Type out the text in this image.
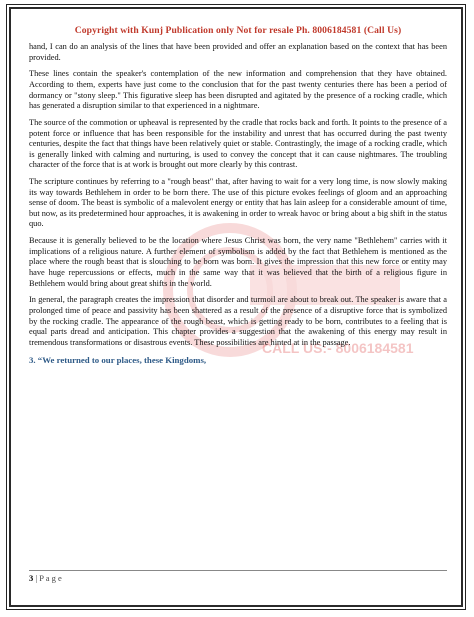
Copyright with Kunj Publication only Not for resale Ph. 8006184581 (Call Us)
CALL US:- 8006184581

hand, I can do an analysis of the lines that have been provided and offer an explanation based on the context that has been provided.

These lines contain the speaker's contemplation of the new information and comprehension that they have obtained. According to them, experts have just come to the conclusion that for the past twenty centuries there has been a period of dormancy or "stony sleep." This figurative sleep has been disrupted and agitated by the presence of a rocking cradle, which has generated a disruption similar to that experienced in a nightmare.

The source of the commotion or upheaval is represented by the cradle that rocks back and forth. It points to the presence of a potent force or influence that has been responsible for the instability and unrest that has occurred during the past twenty centuries, despite the fact that things have been relatively quiet or stable. Contrastingly, the image of a rocking cradle, which is generally linked with calming and nurturing, is used to convey the concept that it can cause nightmares. The troubling character of the force that is at work is brought out more clearly by this contrast.

The scripture continues by referring to a "rough beast" that, after having to wait for a very long time, is now slowly making its way towards Bethlehem in order to be born there. The use of this picture evokes feelings of gloom and an approaching sense of doom. The beast is symbolic of a malevolent energy or entity that has lain asleep for a considerable amount of time, but now, as its predetermined hour approaches, it is awakening in order to wreak havoc or bring about a big shift in the status quo.

Because it is generally believed to be the location where Jesus Christ was born, the very name "Bethlehem" carries with it implications of a religious nature. A further element of symbolism is added by the fact that Bethlehem is mentioned as the place where the rough beast that is slouching to be born was born. It gives the impression that this new force or entity may have huge repercussions or effects, much in the same way that it was believed that the birth of a religious figure in Bethlehem would bring about great shifts in the world.

In general, the paragraph creates the impression that disorder and turmoil are about to break out. The speaker is aware that a prolonged time of peace and passivity has been shattered as a result of the presence of a disruptive force that is symbolized by the rocking cradle. The appearance of the rough beast, which is getting ready to be born, contributes to a feeling that is equal parts dread and anticipation. This chapter provides a suggestion that the awakening of this energy may result in tremendous transformations or disastrous events. These possibilities are hinted at in the passage.

3. “We returned to our places, these Kingdoms,
3 | P a g e
